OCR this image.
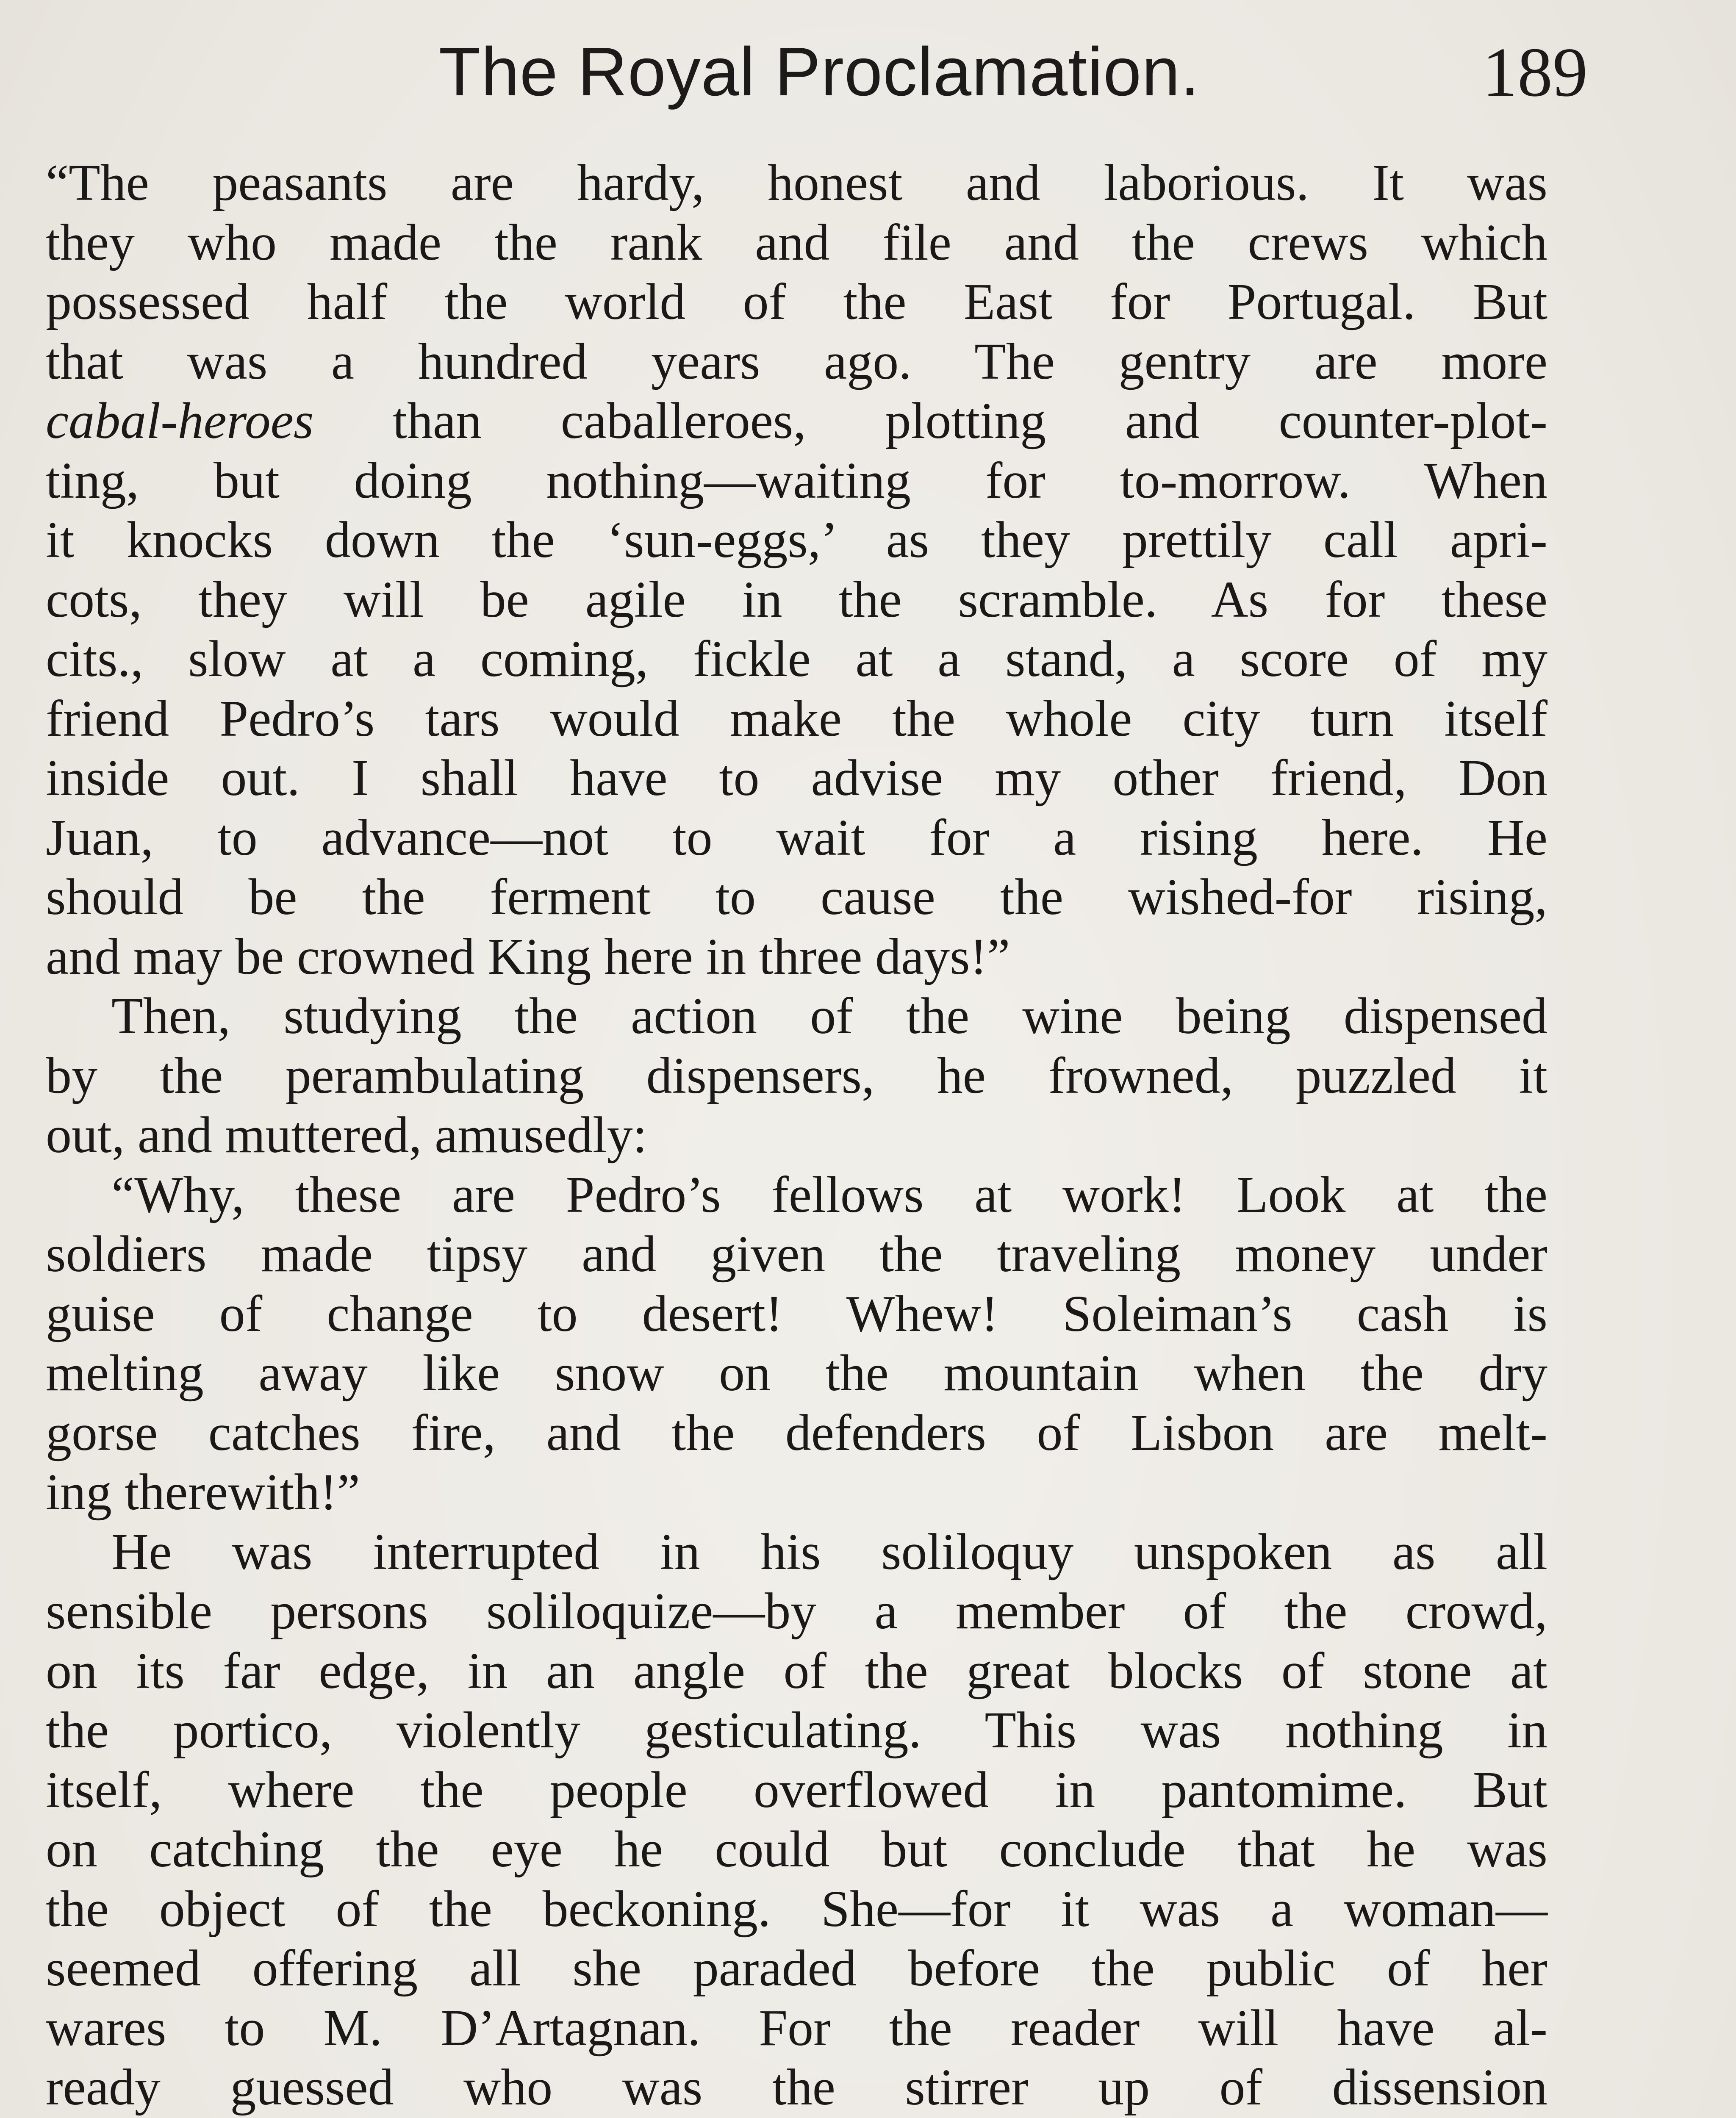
The Royal Proclamation.	189
“The peasants are hardy, honest and laborious. It was
they who made the rank and file and the crews which
possessed half the world of the East for Portugal. But
that was a hundred years ago. The gentry are more
cabal-heroes than caballeroes, plotting and counter-plot-
ting, but doing nothing—waiting for to-morrow. When
it knocks down the ‘sun-eggs,’ as they prettily call apri-
cots, they will be agile in the scramble. As for these
cits., slow at a coming, fickle at a stand, a score of my
friend Pedro’s tars would make the whole city turn itself
inside out. I shall have to advise my other friend, Don
Juan, to advance—not to wait for a rising here. He
should be the ferment to cause the wished-for rising,
and may be crowned King here in three days!”
Then, studying the action of the wine being dispensed
by the perambulating dispensers, he frowned, puzzled it
out, and muttered, amusedly:
“Why, these are Pedro’s fellows at work! Look at the
soldiers made tipsy and given the traveling money under
guise of change to desert! Whew! Soleiman’s cash is
melting away like snow on the mountain when the dry
gorse catches fire, and the defenders of Lisbon are melt-
ing therewith!”
He was interrupted in his soliloquy unspoken as all
sensible persons soliloquize—by a member of the crowd,
on its far edge, in an angle of the great blocks of stone at
the portico, violently gesticulating. This was nothing in
itself, where the people overflowed in pantomime. But
on catching the eye he could but conclude that he was
the object of the beckoning. She—for it was a woman—
seemed offering all she paraded before the public of her
wares to M. D’Artagnan. For the reader will have al-
ready guessed who was the stirrer up of dissension
